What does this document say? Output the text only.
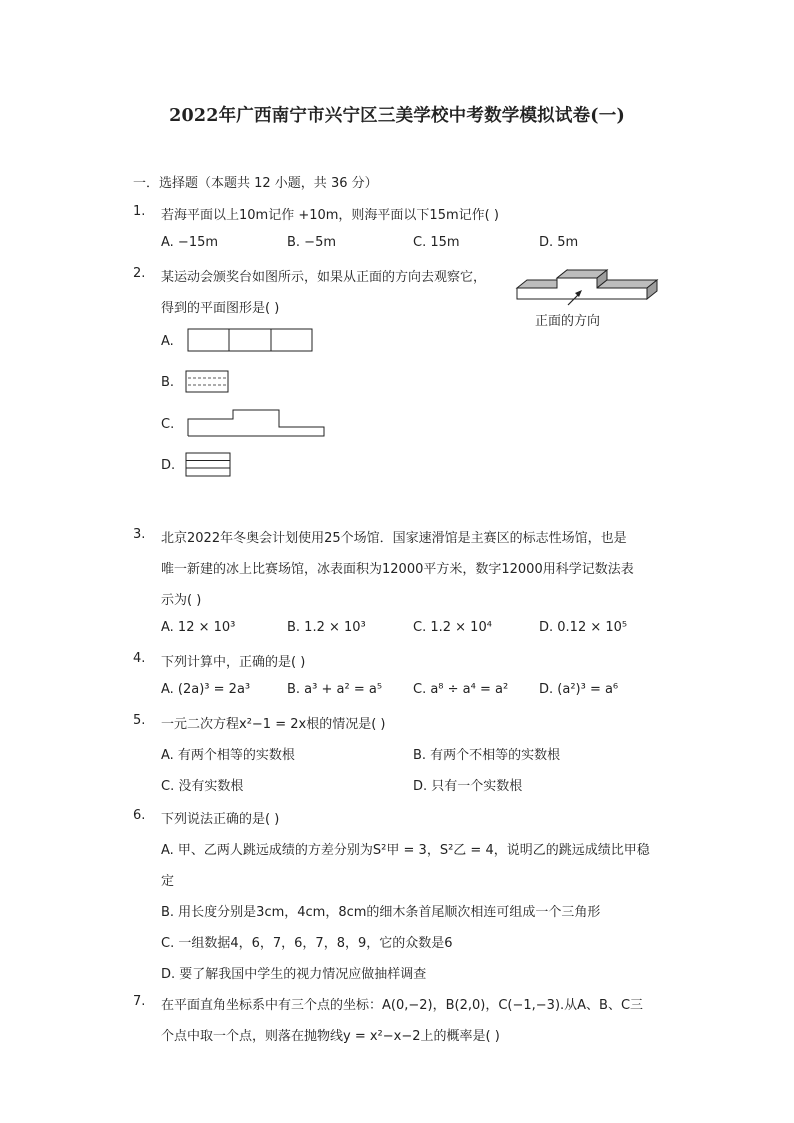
2022年广西南宁市兴宁区三美学校中考数学模拟试卷(一)
一．选择题（本题共 12 小题，共 36 分）
1. 若海平面以上10m记作 +10m，则海平面以下15m记作( )
A. −15m	B. −5m	C. 15m	D. 5m
2. 某运动会颁奖台如图所示，如果从正面的方向去观察它，
得到的平面图形是( )
正面的方向
A.
B.
C.
D.
3. 北京2022年冬奥会计划使用25个场馆．国家速滑馆是主赛区的标志性场馆，也是
唯一新建的冰上比赛场馆，冰表面积为12000平方米，数字12000用科学记数法表
示为( )
A. 12 × 10³	B. 1.2 × 10³	C. 1.2 × 10⁴	D. 0.12 × 10⁵
4. 下列计算中，正确的是( )
A. (2a)³ = 2a³	B. a³ + a² = a⁵ C. a⁸ ÷ a⁴ = a² D. (a²)³ = a⁶
5. 一元二次方程x²−1 = 2x根的情况是( )
A. 有两个相等的实数根	B. 有两个不相等的实数根
C. 没有实数根	D. 只有一个实数根
6. 下列说法正确的是( )
A. 甲、乙两人跳远成绩的方差分别为S²甲 = 3，S²乙 = 4，说明乙的跳远成绩比甲稳
定
B. 用长度分别是3cm，4cm，8cm的细木条首尾顺次相连可组成一个三角形
C. 一组数据4，6，7，6，7，8，9，它的众数是6
D. 要了解我国中学生的视力情况应做抽样调查
7. 在平面直角坐标系中有三个点的坐标：A(0,−2)，B(2,0)，C(−1,−3).从A、B、C三
个点中取一个点，则落在抛物线y = x²−x−2上的概率是( )
